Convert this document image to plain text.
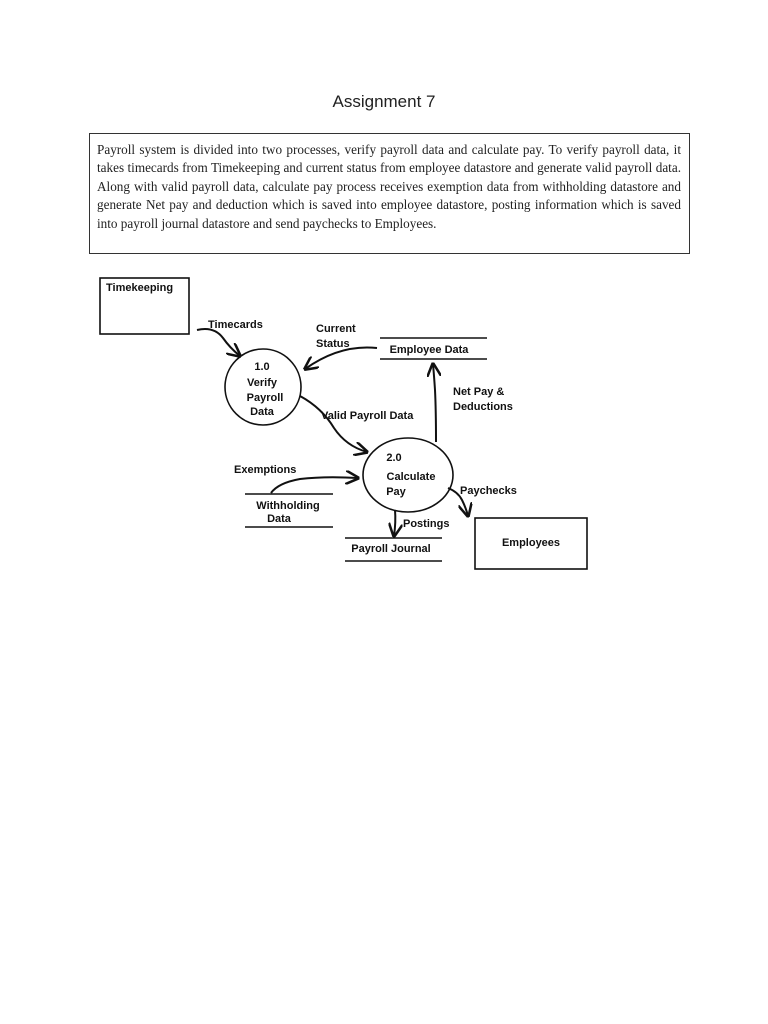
Assignment 7
Payroll system is divided into two processes, verify payroll data and calculate pay. To verify payroll data, it takes timecards from Timekeeping and current status from employee datastore and generate valid payroll data. Along with valid payroll data, calculate pay process receives exemption data from withholding datastore and generate Net pay and deduction which is saved into employee datastore, posting information which is saved into payroll journal datastore and send paychecks to Employees.
Timekeeping
Employees
1.0
Verify
Payroll
Data
2.0
Calculate
Pay
Employee Data
Withholding
Data
Payroll Journal
Timecards	Current
Status
Valid Payroll Data
Net Pay &
Deductions
Exemptions
Paychecks
Postings
